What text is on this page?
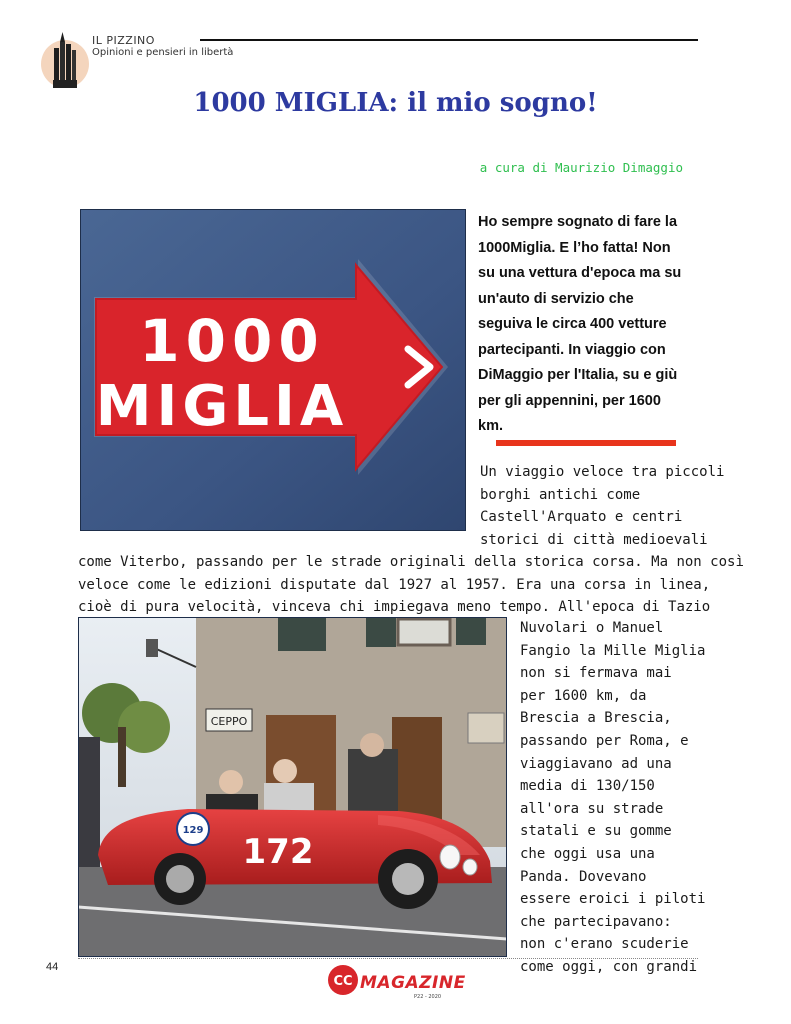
IL PIZZINO
Opinioni e pensieri in libertà
1000 MIGLIA: il mio sogno!
a cura di Maurizio Dimaggio
1000
MIGLIA
Ho sempre sognato di fare la
1000Miglia. E l’ho fatta! Non
su una vettura d'epoca ma su
un'auto di servizio che
seguiva le circa 400 vetture
partecipanti. In viaggio con
DiMaggio per l'Italia, su e giù
per gli appennini, per 1600
km.
Un viaggio veloce tra piccoli
borghi antichi come
Castell'Arquato e centri
storici di città medioevali
come Viterbo, passando per le strade originali della storica corsa. Ma non così
veloce come le edizioni disputate dal 1927 al 1957. Era una corsa in linea,
cioè di pura velocità, vinceva chi impiegava meno tempo. All'epoca di Tazio
CEPPO
129
172
Nuvolari o Manuel
Fangio la Mille Miglia
non si fermava mai
per 1600 km, da
Brescia a Brescia,
passando per Roma, e
viaggiavano ad una
media di 130/150
all'ora su strade
statali e su gomme
che oggi usa una
Panda. Dovevano
essere eroici i piloti
che partecipavano:
non c'erano scuderie
come oggi, con grandi
44
CC MAGAZINE
P22 - 2020
